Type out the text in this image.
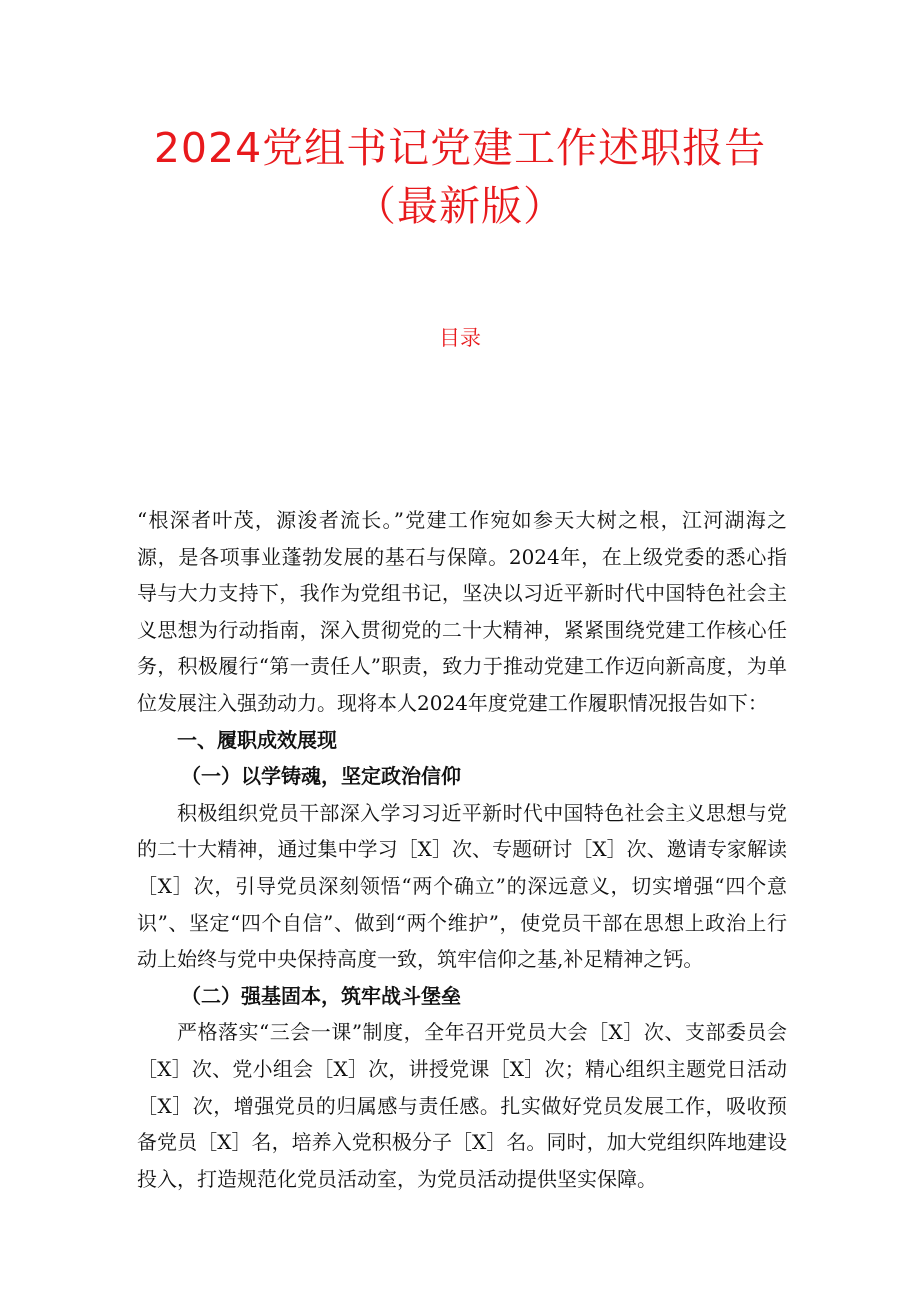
2024党组书记党建工作述职报告
（最新版）
目录

“根深者叶茂，源浚者流长。”党建工作宛如参天大树之根，江河湖海之源，是各项事业蓬勃发展的基石与保障。2024年，在上级党委的悉心指导与大力支持下，我作为党组书记，坚决以习近平新时代中国特色社会主义思想为行动指南，深入贯彻党的二十大精神，紧紧围绕党建工作核心任务，积极履行“第一责任人”职责，致力于推动党建工作迈向新高度，为单位发展注入强劲动力。现将本人2024年度党建工作履职情况报告如下：

一、履职成效展现

（一）以学铸魂，坚定政治信仰

积极组织党员干部深入学习习近平新时代中国特色社会主义思想与党的二十大精神，通过集中学习［X］次、专题研讨［X］次、邀请专家解读［X］次，引导党员深刻领悟“两个确立”的深远意义，切实增强“四个意识”、坚定“四个自信”、做到“两个维护”，使党员干部在思想上政治上行动上始终与党中央保持高度一致，筑牢信仰之基,补足精神之钙。

（二）强基固本，筑牢战斗堡垒

严格落实“三会一课”制度，全年召开党员大会［X］次、支部委员会［X］次、党小组会［X］次，讲授党课［X］次；精心组织主题党日活动［X］次，增强党员的归属感与责任感。扎实做好党员发展工作，吸收预备党员［X］名，培养入党积极分子［X］名。同时，加大党组织阵地建设投入，打造规范化党员活动室，为党员活动提供坚实保障。
